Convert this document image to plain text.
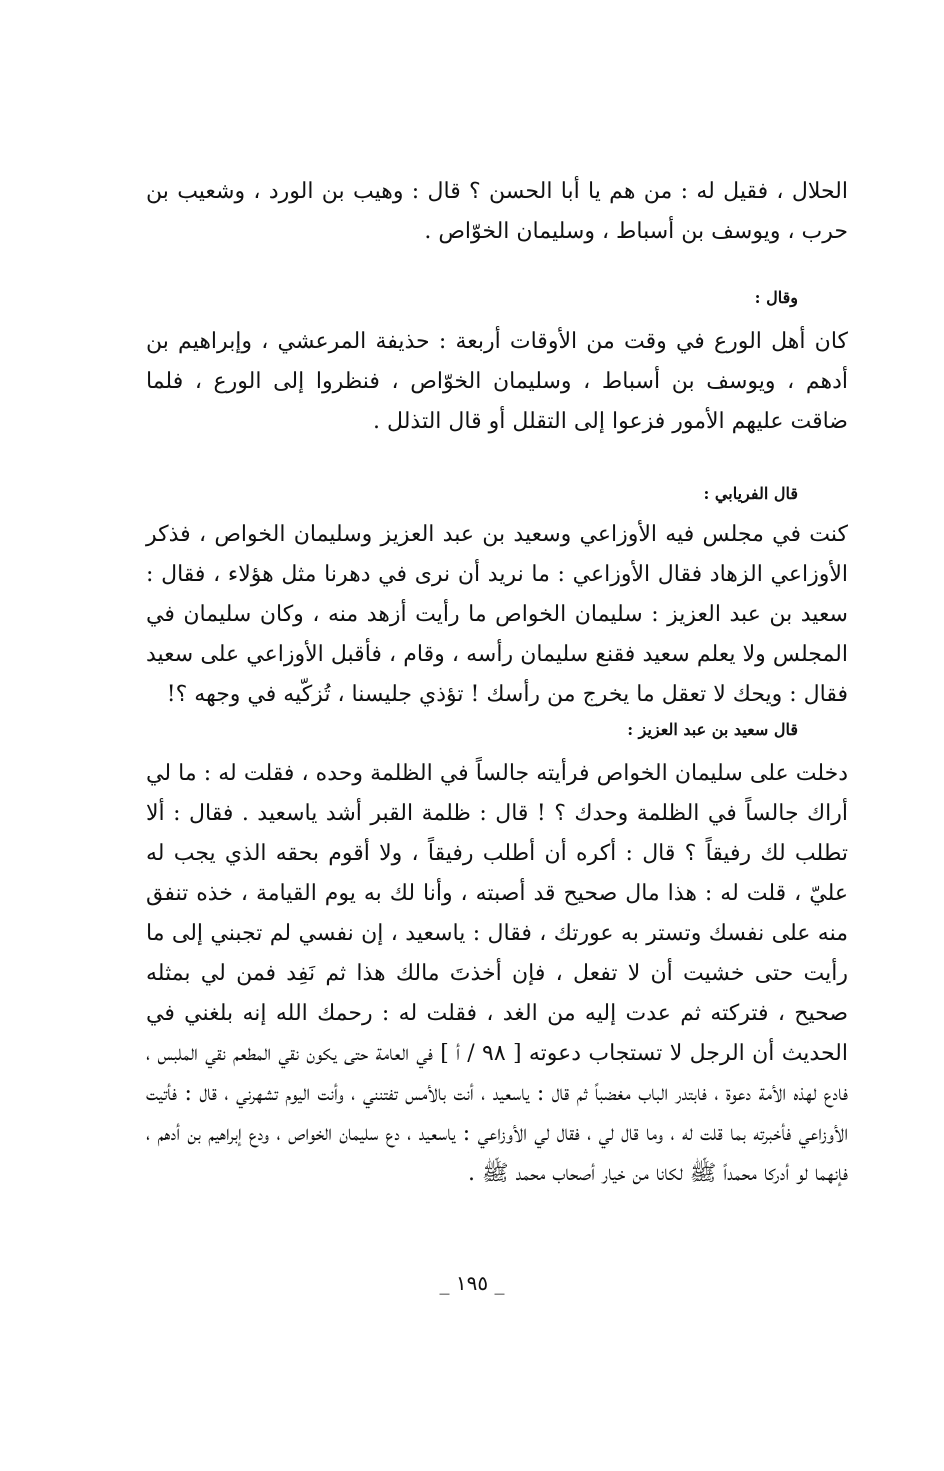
الحلال ، فقيل له : من هم يا أبا الحسن ؟ قال : وهيب بن الورد ، وشعيب بن حرب ، ويوسف بن أسباط ، وسليمان الخوّاص .
وقال :
كان أهل الورع في وقت من الأوقات أربعة : حذيفة المرعشي ، وإبراهيم بن أدهم ، ويوسف بن أسباط ، وسليمان الخوّاص ، فنظروا إلى الورع ، فلما ضاقت عليهم الأمور فزعوا إلى التقلل أو قال التذلل .
قال الفريابي :
كنت في مجلس فيه الأوزاعي وسعيد بن عبد العزيز وسليمان الخواص ، فذكر الأوزاعي الزهاد فقال الأوزاعي : ما نريد أن نرى في دهرنا مثل هؤلاء ، فقال : سعيد بن عبد العزيز : سليمان الخواص ما رأيت أزهد منه ، وكان سليمان في المجلس ولا يعلم سعيد فقنع سليمان رأسه ، وقام ، فأقبل الأوزاعي على سعيد فقال : ويحك لا تعقل ما يخرج من رأسك ! تؤذي جليسنا ، تُزكّيه في وجهه ؟!
قال سعيد بن عبد العزيز :
دخلت على سليمان الخواص فرأيته جالساً في الظلمة وحده ، فقلت له : ما لي أراك جالساً في الظلمة وحدك ؟ ! قال : ظلمة القبر أشد ياسعيد . فقال : ألا تطلب لك رفيقاً ؟ قال : أكره أن أطلب رفيقاً ، ولا أقوم بحقه الذي يجب له عليّ ، قلت له : هذا مال صحيح قد أصبته ، وأنا لك به يوم القيامة ، خذه تنفق منه على نفسك وتستر به عورتك ، فقال : ياسعيد ، إن نفسي لم تجبني إلى ما رأيت حتى خشيت أن لا تفعل ، فإن أخذتَ مالك هذا ثم نَفِد فمن لي بمثله صحيح ، فتركته ثم عدت إليه من الغد ، فقلت له : رحمك الله إنه بلغني في الحديث أن الرجل لا تستجاب دعوته [ ٩٨ / أ ] في العامة حتى يكون نقي المطعم نقي الملبس ، فادع لهذه الأمة دعوة ، فابتدر الباب مغضباً ثم قال : ياسعيد ، أنت بالأمس تفتنني ، وأنت اليوم تشهرني ، قال : فأتيت الأوزاعي فأخبرته بما قلت له ، وما قال لي ، فقال لي الأوزاعي : ياسعيد ، دع سليمان الخواص ، ودع إبراهيم بن أدهم ، فإنهما لو أدركا محمداً ﷺ لكانا من خيار أصحاب محمد ﷺ .
_ ١٩٥ _
